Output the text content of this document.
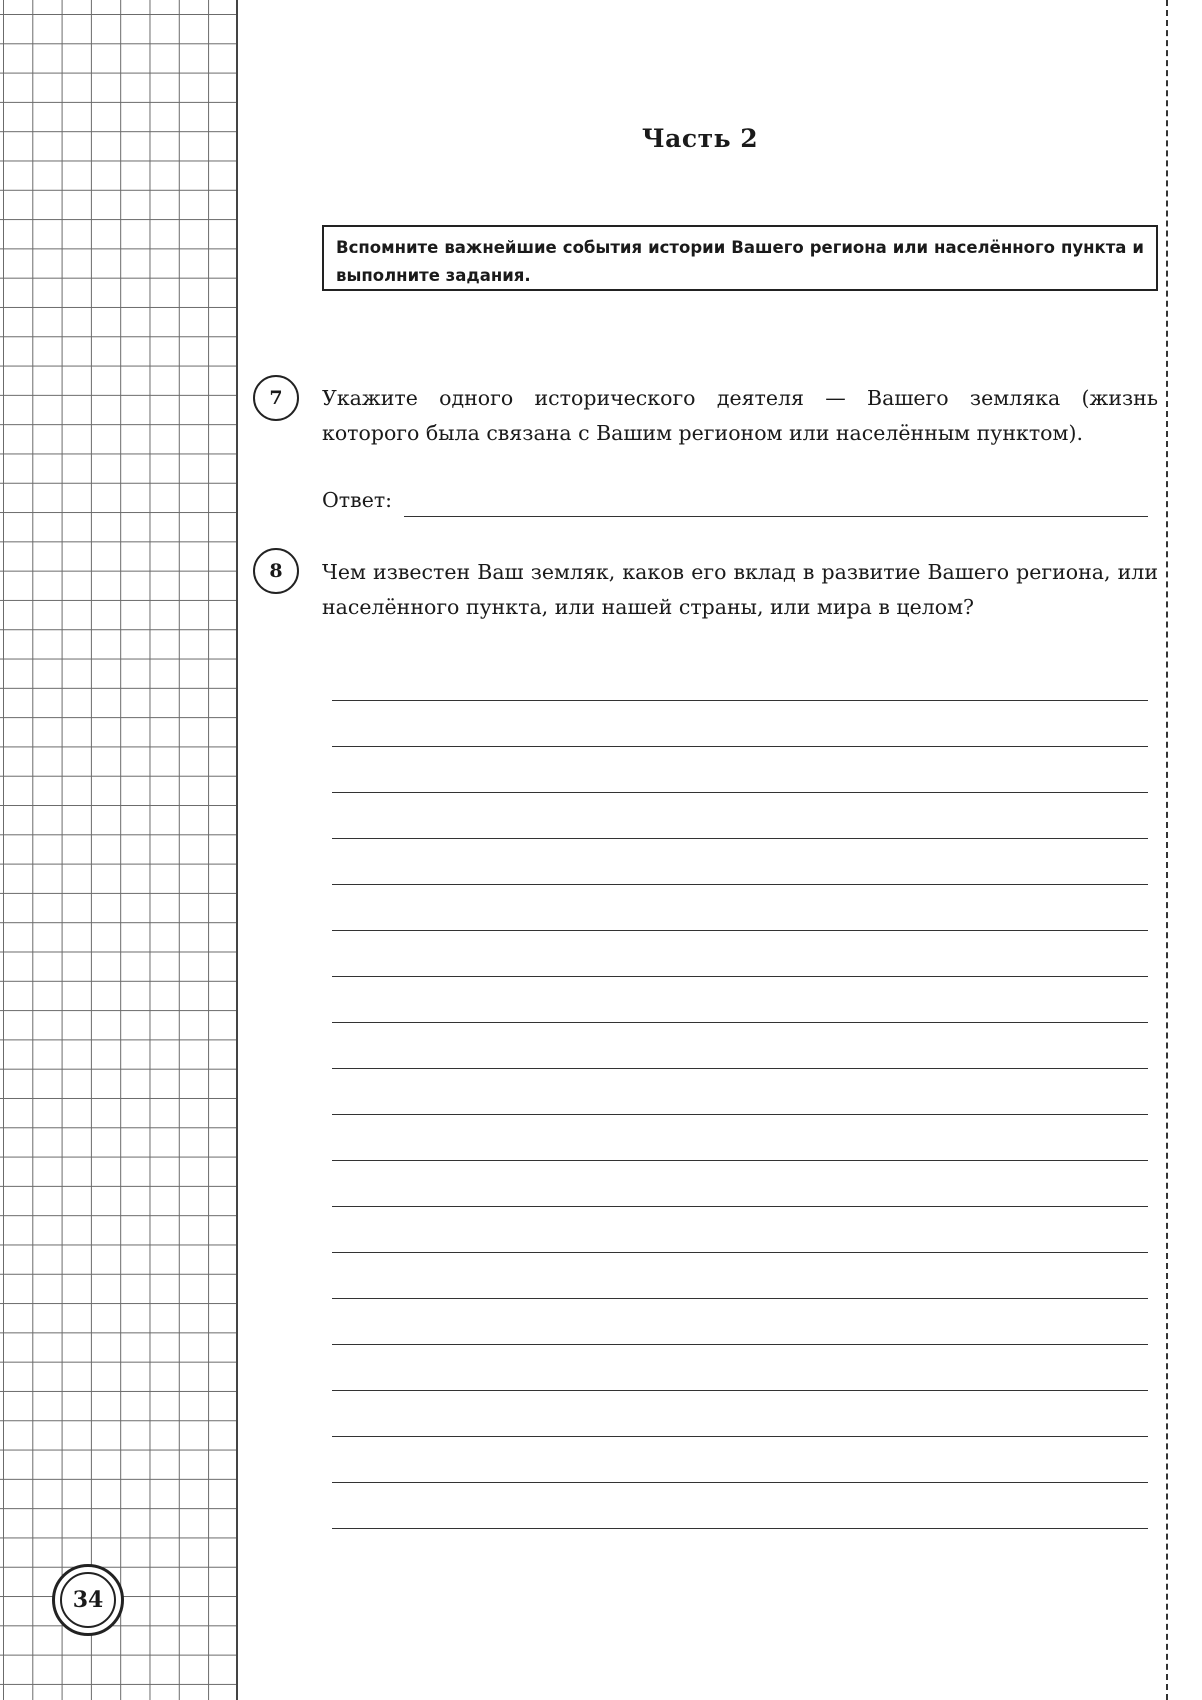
34
Часть 2

Вспомните важнейшие события истории Вашего региона или населённого пункта и выполните задания.

7	Укажите одного исторического деятеля — Вашего земляка (жизнь которого была связана с Вашим регионом или населённым пунктом).

Ответ:
8	Чем известен Ваш земляк, каков его вклад в развитие Вашего региона, или населённого пункта, или нашей страны, или мира в целом?
